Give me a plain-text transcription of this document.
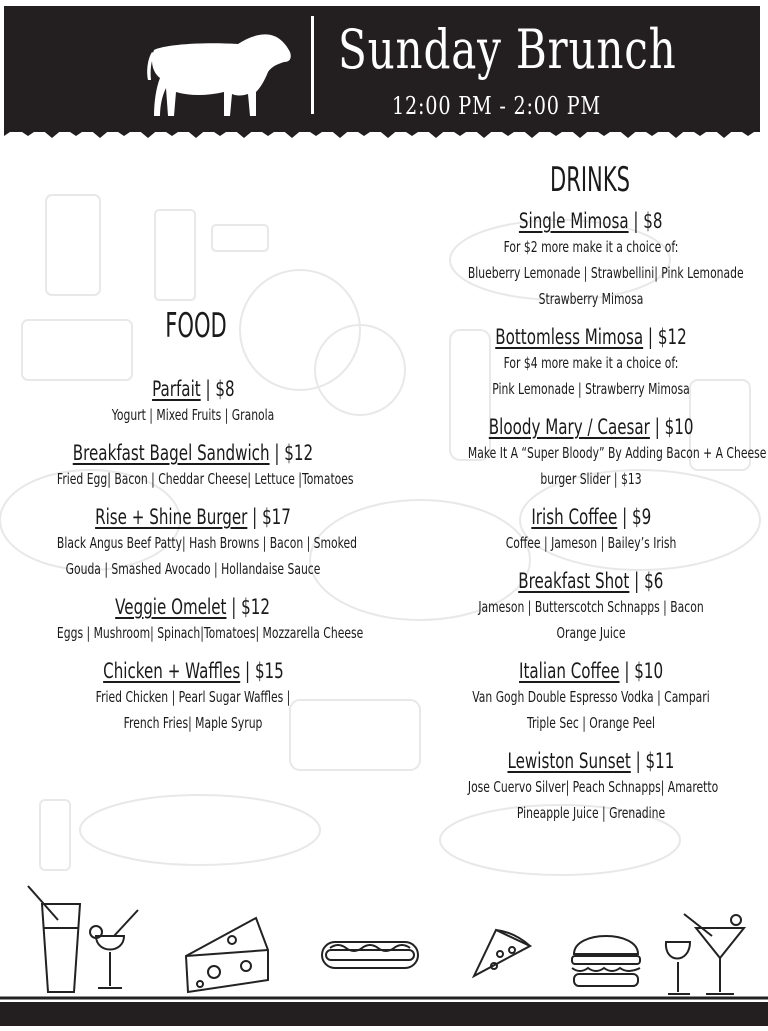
Sunday Brunch
12:00 PM - 2:00 PM
FOOD
Parfait | $8
Yogurt | Mixed Fruits | Granola
Breakfast Bagel Sandwich | $12
Fried Egg| Bacon | Cheddar Cheese| Lettuce |Tomatoes
Rise + Shine Burger | $17
Black Angus Beef Patty| Hash Browns | Bacon | Smoked
Gouda | Smashed Avocado | Hollandaise Sauce
Veggie Omelet | $12
Eggs | Mushroom| Spinach|Tomatoes| Mozzarella Cheese
Chicken + Waffles | $15
Fried Chicken | Pearl Sugar Waffles |
French Fries| Maple Syrup
DRINKS
Single Mimosa | $8
For $2 more make it a choice of:
Blueberry Lemonade | Strawbellini| Pink Lemonade
Strawberry Mimosa
Bottomless Mimosa | $12
For $4 more make it a choice of:
Pink Lemonade | Strawberry Mimosa
Bloody Mary / Caesar | $10
Make It A “Super Bloody” By Adding Bacon + A Cheese
burger Slider | $13
Irish Coffee | $9
Coffee | Jameson | Bailey’s Irish
Breakfast Shot | $6
Jameson | Butterscotch Schnapps | Bacon
Orange Juice
Italian Coffee | $10
Van Gogh Double Espresso Vodka | Campari
Triple Sec | Orange Peel
Lewiston Sunset | $11
Jose Cuervo Silver| Peach Schnapps| Amaretto
Pineapple Juice | Grenadine
